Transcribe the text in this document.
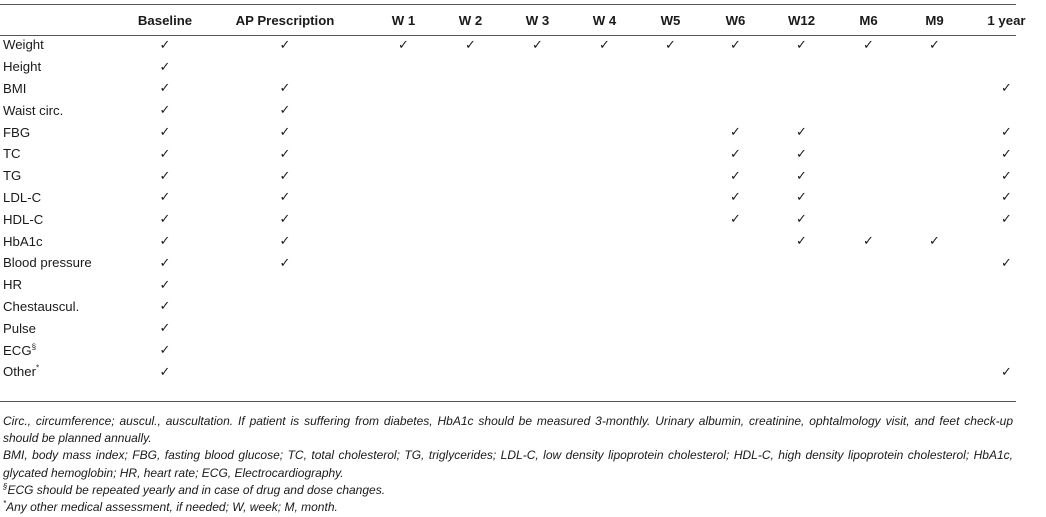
	Baseline	AP Prescription	W 1	W 2	W 3	W 4	W5	W6	W12	M6	M9	1 year
Weight	✓	✓	✓	✓	✓	✓	✓	✓	✓	✓	✓	
Height	✓											
BMI	✓	✓										✓
Waist circ.	✓	✓										
FBG	✓	✓						✓	✓			✓
TC	✓	✓						✓	✓			✓
TG	✓	✓						✓	✓			✓
LDL-C	✓	✓						✓	✓			✓
HDL-C	✓	✓						✓	✓			✓
HbA1c	✓	✓							✓	✓	✓	
Blood pressure	✓	✓										✓
HR	✓											
Chestauscul.	✓											
Pulse	✓											
ECG§	✓											
Other*	✓											✓

Circ., circumference; auscul., auscultation. If patient is suffering from diabetes, HbA1c should be measured 3-monthly. Urinary albumin, creatinine, ophtalmology visit, and feet check-up should be planned annually.

BMI, body mass index; FBG, fasting blood glucose; TC, total cholesterol; TG, triglycerides; LDL-C, low density lipoprotein cholesterol; HDL-C, high density lipoprotein cholesterol; HbA1c, glycated hemoglobin; HR, heart rate; ECG, Electrocardiography.

§ECG should be repeated yearly and in case of drug and dose changes.

*Any other medical assessment, if needed; W, week; M, month.
